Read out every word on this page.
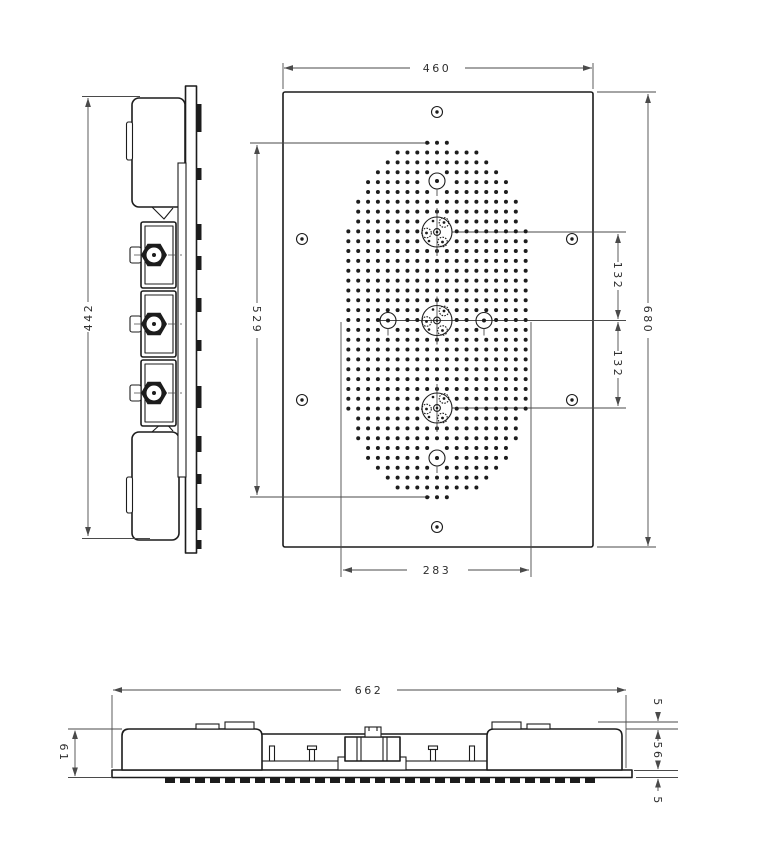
442
460
680
529
283
132
132
662
61
5
56
5
